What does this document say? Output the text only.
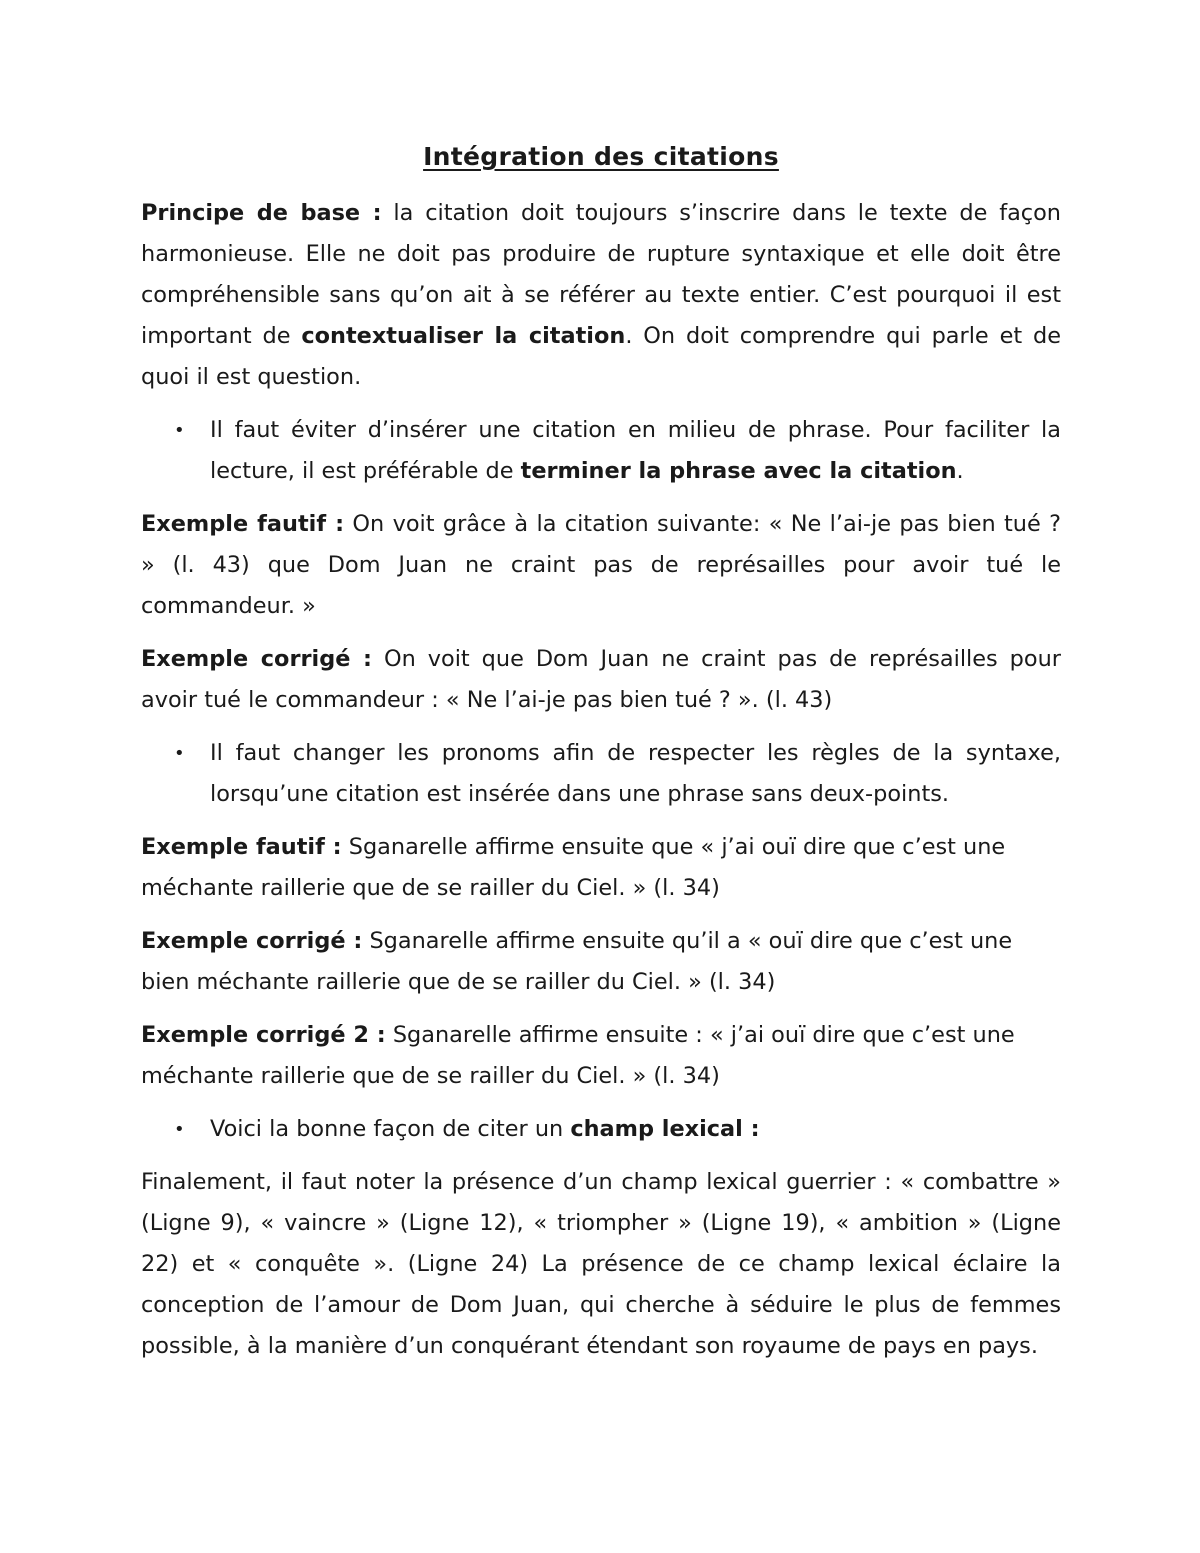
Intégration des citations

Principe de base : la citation doit toujours s’inscrire dans le texte de façon harmonieuse. Elle ne doit pas produire de rupture syntaxique et elle doit être compréhensible sans qu’on ait à se référer au texte entier. C’est pourquoi il est important de contextualiser la citation. On doit comprendre qui parle et de quoi il est question.

• Il faut éviter d’insérer une citation en milieu de phrase. Pour faciliter la lecture, il est préférable de terminer la phrase avec la citation.

Exemple fautif : On voit grâce à la citation suivante: « Ne l’ai-je pas bien tué ? » (l. 43) que Dom Juan ne craint pas de représailles pour avoir tué le commandeur. »

Exemple corrigé : On voit que Dom Juan ne craint pas de représailles pour avoir tué le commandeur : « Ne l’ai-je pas bien tué ? ». (l. 43)

• Il faut changer les pronoms afin de respecter les règles de la syntaxe, lorsqu’une citation est insérée dans une phrase sans deux-points.

Exemple fautif : Sganarelle affirme ensuite que « j’ai ouï dire que c’est une méchante raillerie que de se railler du Ciel. » (l. 34)

Exemple corrigé : Sganarelle affirme ensuite qu’il a « ouï dire que c’est une bien méchante raillerie que de se railler du Ciel. » (l. 34)

Exemple corrigé 2 : Sganarelle affirme ensuite : « j’ai ouï dire que c’est une méchante raillerie que de se railler du Ciel. » (l. 34)

• Voici la bonne façon de citer un champ lexical :

Finalement, il faut noter la présence d’un champ lexical guerrier : « combattre » (Ligne 9), « vaincre » (Ligne 12), « triompher » (Ligne 19), « ambition » (Ligne 22) et « conquête ». (Ligne 24) La présence de ce champ lexical éclaire la conception de l’amour de Dom Juan, qui cherche à séduire le plus de femmes possible, à la manière d’un conquérant étendant son royaume de pays en pays.
